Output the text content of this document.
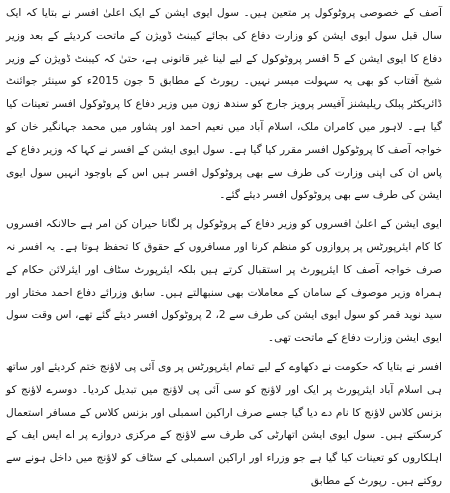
آصف کے خصوصی پروٹوکول پر متعین ہیں۔ سول ایوی ایشن کے ایک اعلیٰ افسر نے بتایا کہ ایک سال قبل سول ایوی ایشن کو وزارت دفاع کی بجائے کیبنٹ ڈویژن کے ماتحت کردیئے کے بعد وزیر دفاع کا ایوی ایشن کے 5 افسر پروٹوکول کے لیے لینا غیر قانونی ہے، حتیٰ کہ کیبنٹ ڈویژن کے وزیر شیخ آفتاب کو بھی یہ سہولت میسر نہیں۔ رپورٹ کے مطابق 5 جون 2015ء کو سینئر جوائنٹ ڈائریکٹر پبلک ریلیشنز آفیسر پرویز جارج کو سندھ زون میں وزیر دفاع کا پروٹوکول افسر تعینات کیا گیا ہے۔ لاہور میں کامران ملک، اسلام آباد میں نعیم احمد اور پشاور میں محمد جہانگیر خان کو خواجہ آصف کا پروٹوکول افسر مقرر کیا گیا ہے۔ سول ایوی ایشن کے افسر نے کہا کہ وزیر دفاع کے پاس ان کی اپنی وزارت کی طرف سے بھی پروٹوکول افسر ہیں اس کے باوجود انہیں سول ایوی ایشن کی طرف سے بھی پروٹوکول افسر دیئے گئے۔

ایوی ایشن کے اعلیٰ افسروں کو وزیر دفاع کے پروٹوکول پر لگانا حیران کن امر ہے حالانکہ افسروں کا کام ایئرپورٹس پر پروازوں کو منظم کرنا اور مسافروں کے حقوق کا تحفظ ہوتا ہے۔ یہ افسر نہ صرف خواجہ آصف کا ایئرپورٹ پر استقبال کرتے ہیں بلکہ ایئرپورٹ سٹاف اور ایئرلائن حکام کے ہمراہ وزیر موصوف کے سامان کے معاملات بھی سنبھالتے ہیں۔ سابق وزرائے دفاع احمد مختار اور سید نوید قمر کو سول ایوی ایشن کی طرف سے 2، 2 پروٹوکول افسر دیئے گئے تھے، اس وقت سول ایوی ایشن وزارت دفاع کے ماتحت تھی۔

افسر نے بتایا کہ حکومت نے دکھاوے کے لیے تمام ایئرپورٹس پر وی آئی پی لاؤنج ختم کردیئے اور ساتھ ہی اسلام آباد ایئرپورٹ پر ایک اور لاؤنج کو سی آئی پی لاؤنج میں تبدیل کردیا۔ دوسرے لاؤنج کو بزنس کلاس لاؤنج کا نام دے دیا گیا جسے صرف اراکین اسمبلی اور بزنس کلاس کے مسافر استعمال کرسکتے ہیں۔ سول ایوی ایشن اتھارٹی کی طرف سے لاؤنج کے مرکزی دروازے پر اے ایس ایف کے اہلکاروں کو تعینات کیا گیا ہے جو وزراء اور اراکین اسمبلی کے سٹاف کو لاؤنج میں داخل ہونے سے روکتے ہیں۔ رپورٹ کے مطابق
